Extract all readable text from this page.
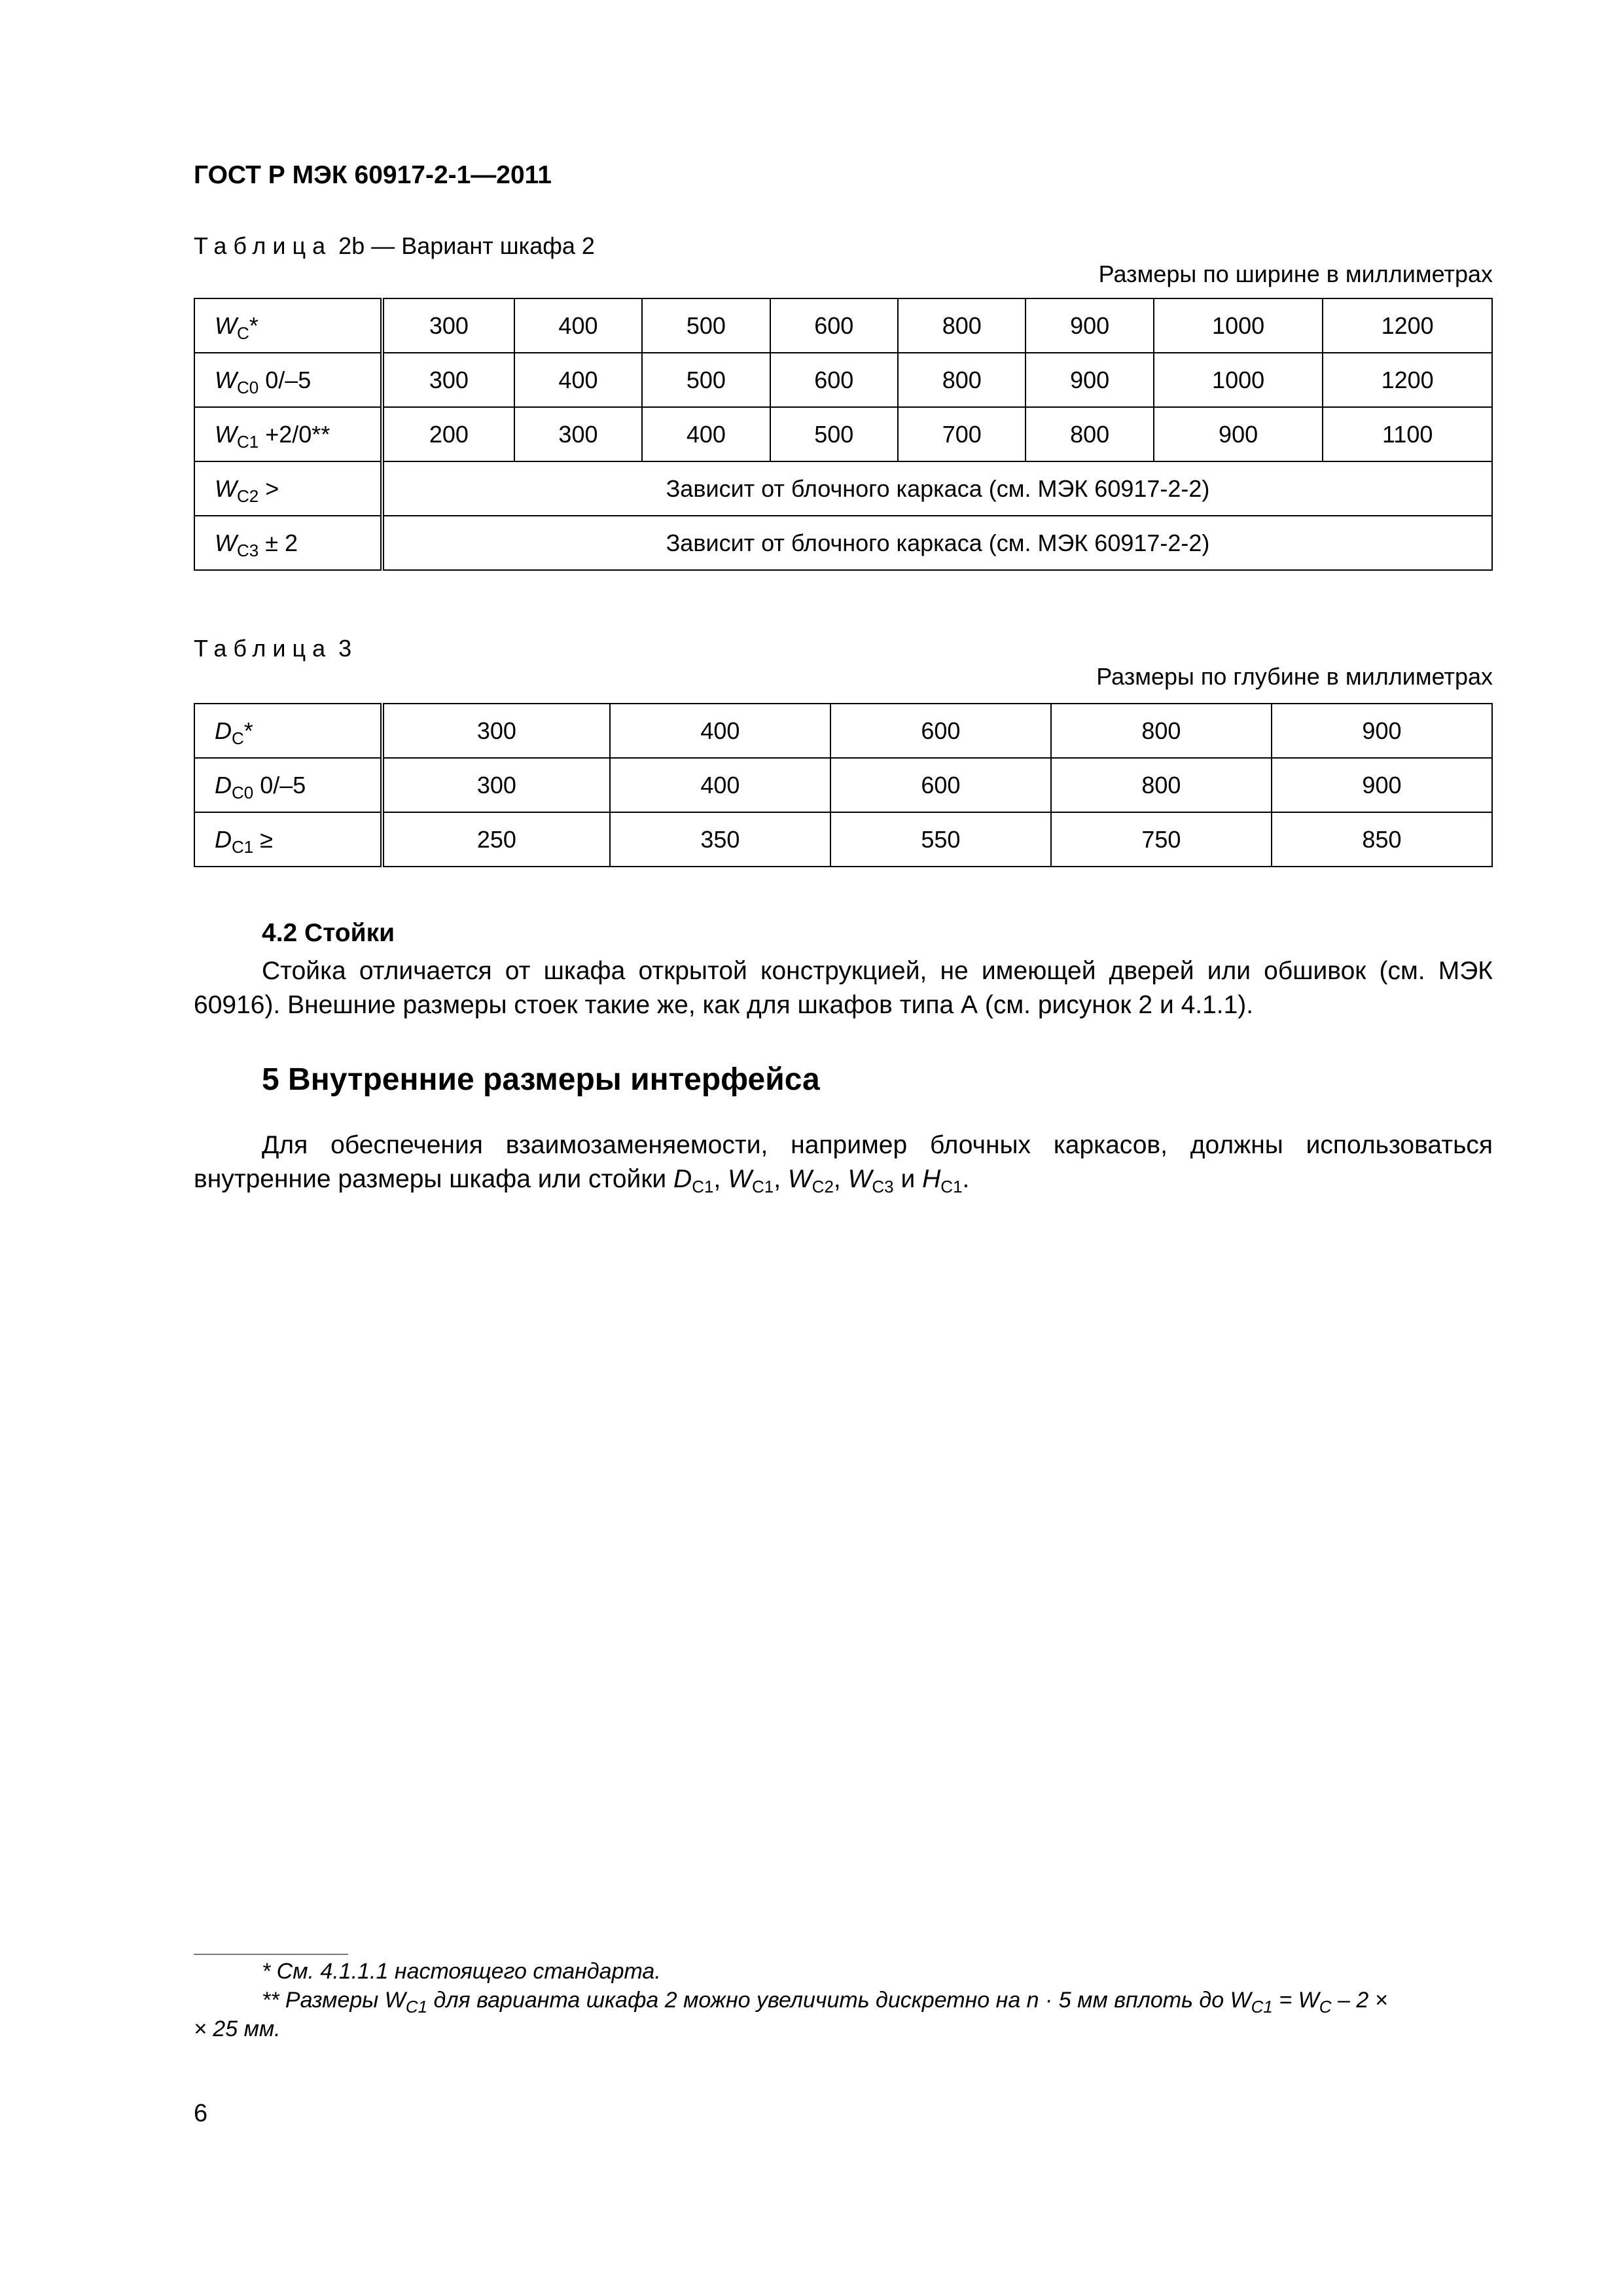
ГОСТ Р МЭК 60917-2-1—2011
Таблица 2b — Вариант шкафа 2
Размеры по ширине в миллиметрах
$W_C*$	300	400	500	600	800	900	1000	1200
$W_{C0}$ 0/–5	300	400	500	600	800	900	1000	1200
$W_{C1} +2/0**$	200	300	400	500	700	800	900	1100
$W_{C2}$ >	Зависит от блочного каркаса (см. МЭК 60917-2-2)							
$W_{C3} \pm 2$	Зависит от блочного каркаса (см. МЭК 60917-2-2)							
Таблица 3
Размеры по глубине в миллиметрах
$D_C*$	300	400	600	800	900
$D_{C0}$ 0/–5	300	400	600	800	900
$D_{C1}$ ≥	250	350	550	750	850
4.2 Стойки
Стойка отличается от шкафа открытой конструкцией, не имеющей дверей или обшивок (см. МЭК 60916). Внешние размеры стоек такие же, как для шкафов типа А (см. рисунок 2 и 4.1.1).
5 Внутренние размеры интерфейса
Для обеспечения взаимозаменяемости, например блочных каркасов, должны использоваться внутренние размеры шкафа или стойки $D_{C1}$, $W_{C1}$, $W_{C2}$, $W_{C3}$ и $H_{C1}$.
* См. 4.1.1.1 настоящего стандарта.
** Размеры $W_{C1}$ для варианта шкафа 2 можно увеличить дискретно на n · 5 мм вплоть до $W_{C1} = W_C - 2$ ×
× 25 мм.
6
